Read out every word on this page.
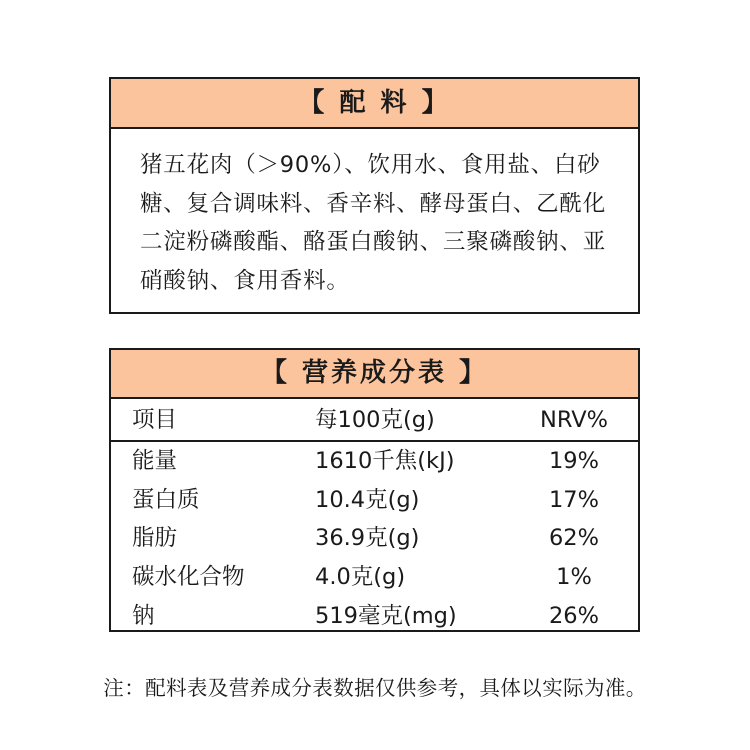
【 配 料 】
猪五花肉（＞90%）、饮用水、食用盐、白砂糖、复合调味料、香辛料、酵母蛋白、乙酰化二淀粉磷酸酯、酪蛋白酸钠、三聚磷酸钠、亚硝酸钠、食用香料。
【 营养成分表 】
项目	每100克(g)	NRV%
能量	1610千焦(kJ)	19%
蛋白质	10.4克(g)	17%
脂肪	36.9克(g)	62%
碳水化合物	4.0克(g)	1%
钠	519毫克(mg)	26%
注：配料表及营养成分表数据仅供参考，具体以实际为准。
